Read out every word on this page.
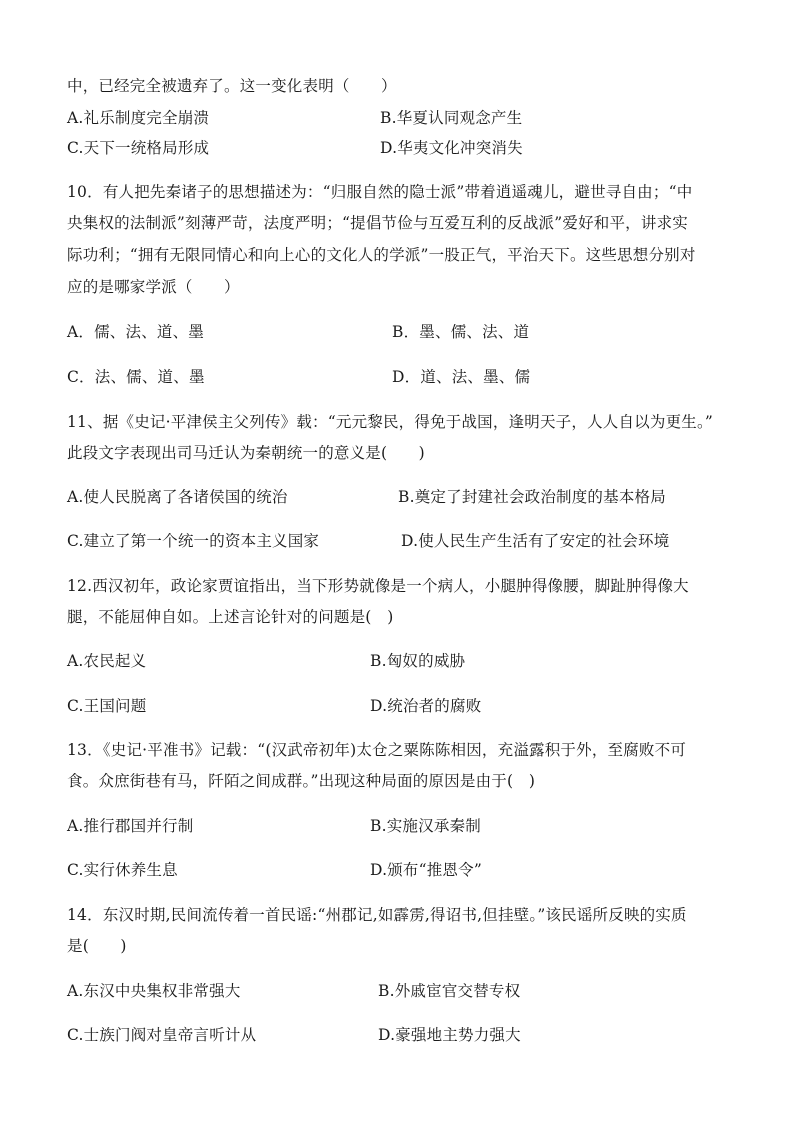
中，已经完全被遗弃了。这一变化表明（　　）
A.礼乐制度完全崩溃	B.华夏认同观念产生
C.天下一统格局形成	D.华夷文化冲突消失
10．有人把先秦诸子的思想描述为：“归服自然的隐士派”带着逍遥魂儿，避世寻自由；“中
央集权的法制派”刻薄严苛，法度严明；“提倡节俭与互爱互利的反战派”爱好和平，讲求实
际功利；“拥有无限同情心和向上心的文化人的学派”一股正气，平治天下。这些思想分别对
应的是哪家学派（　　）
A．儒、法、道、墨	B．墨、儒、法、道
C．法、儒、道、墨	D．道、法、墨、儒
11、据《史记·平津侯主父列传》载：“元元黎民，得免于战国，逢明天子，人人自以为更生。”
此段文字表现出司马迁认为秦朝统一的意义是(　　)
A.使人民脱离了各诸侯国的统治	B.奠定了封建社会政治制度的基本格局
C.建立了第一个统一的资本主义国家	D.使人民生产生活有了安定的社会环境
12.西汉初年，政论家贾谊指出，当下形势就像是一个病人，小腿肿得像腰，脚趾肿得像大
腿，不能屈伸自如。上述言论针对的问题是(　)
A.农民起义	B.匈奴的威胁
C.王国问题	D.统治者的腐败
13．《史记·平准书》记载：“(汉武帝初年)太仓之粟陈陈相因，充溢露积于外，至腐败不可
食。众庶街巷有马，阡陌之间成群。”出现这种局面的原因是由于(　)
A.推行郡国并行制	B.实施汉承秦制
C.实行休养生息	D.颁布“推恩令”
14．东汉时期,民间流传着一首民谣:“州郡记,如霹雳,得诏书,但挂壁。”该民谣所反映的实质
是(　　)
A.东汉中央集权非常强大	B.外戚宦官交替专权
C.士族门阀对皇帝言听计从	D.豪强地主势力强大
